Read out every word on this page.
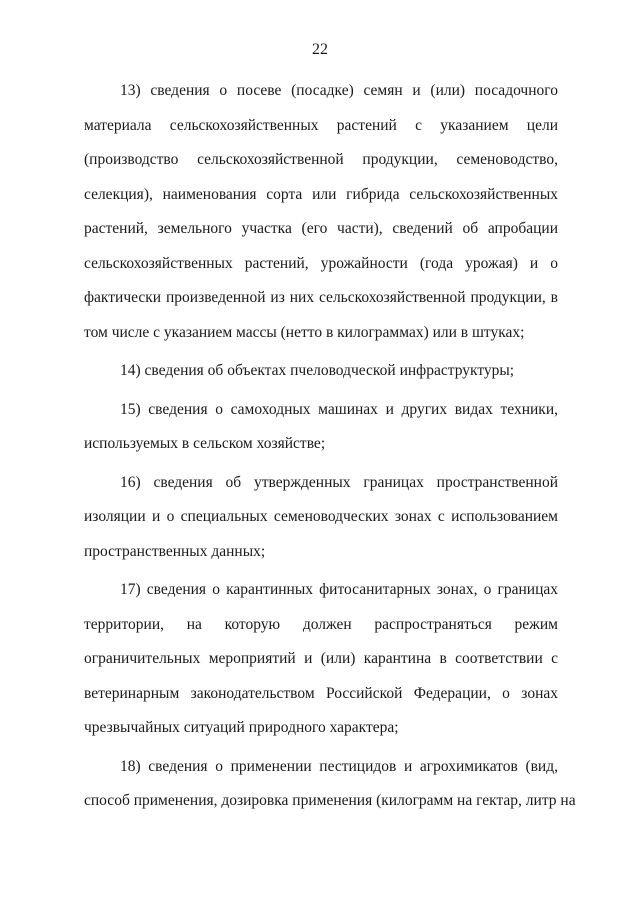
22
13) сведения о посеве (посадке) семян и (или) посадочного
материала сельскохозяйственных растений с указанием цели
(производство сельскохозяйственной продукции, семеноводство,
селекция), наименования сорта или гибрида сельскохозяйственных
растений, земельного участка (его части), сведений об апробации
сельскохозяйственных растений, урожайности (года урожая) и о
фактически произведенной из них сельскохозяйственной продукции, в
том числе с указанием массы (нетто в килограммах) или в штуках;
14) сведения об объектах пчеловодческой инфраструктуры;
15) сведения о самоходных машинах и других видах техники,
используемых в сельском хозяйстве;
16) сведения об утвержденных границах пространственной
изоляции и о специальных семеноводческих зонах с использованием
пространственных данных;
17) сведения о карантинных фитосанитарных зонах, о границах
территории, на которую должен распространяться режим
ограничительных мероприятий и (или) карантина в соответствии с
ветеринарным законодательством Российской Федерации, о зонах
чрезвычайных ситуаций природного характера;
18) сведения о применении пестицидов и агрохимикатов (вид,
способ применения, дозировка применения (килограмм на гектар, литр на
